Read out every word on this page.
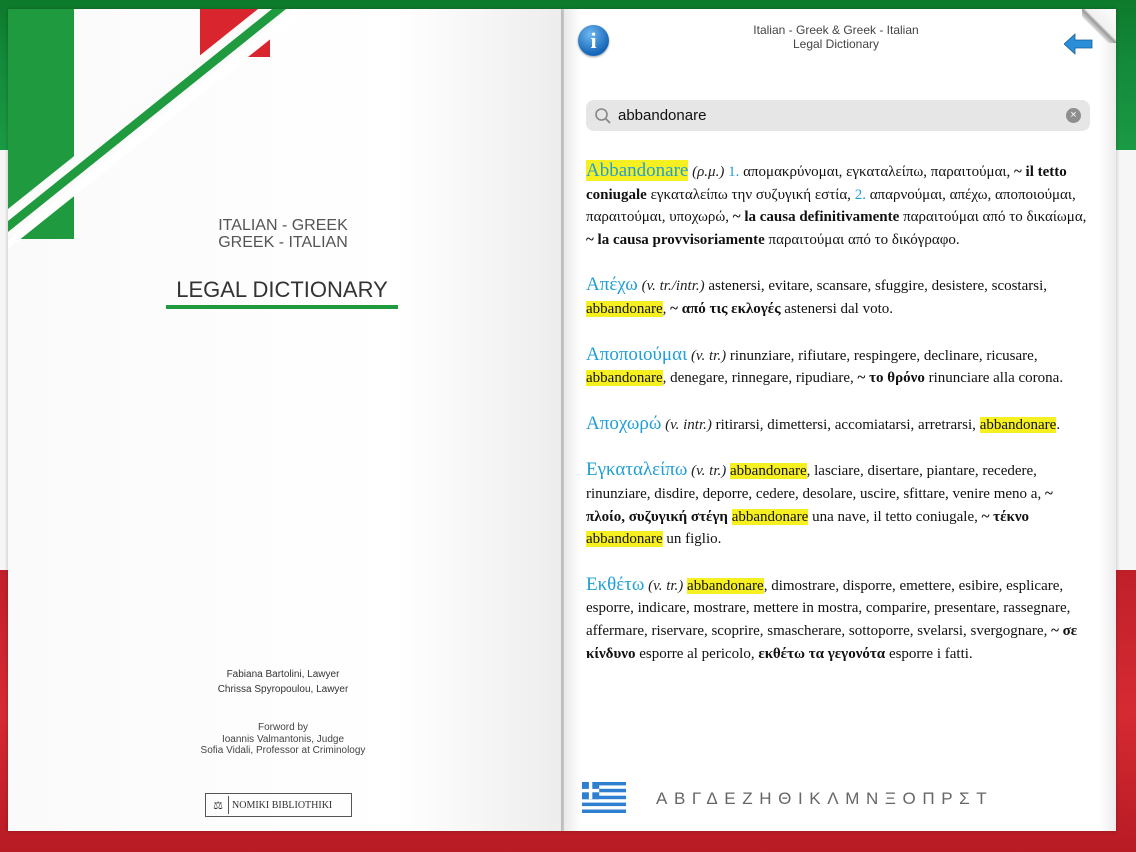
ITALIAN - GREEK
GREEK - ITALIAN
LEGAL DICTIONARY
Fabiana Bartolini, Lawyer
Chrissa Spyropoulou, Lawyer
Forword by
Ioannis Valmantonis, Judge
Sofia Vidali, Professor at Criminology
⚖ NOMIKI BIBLIOTHIKI
i	Italian - Greek & Greek - Italian
Legal Dictionary
abbandonare	×
Abbandonare (ρ.μ.) 1. απομακρύνομαι, εγκαταλείπω, παραιτούμαι, ~ il tetto coniugale εγκαταλείπω την συζυγική εστία, 2. απαρνούμαι, απέχω, αποποιούμαι, παραιτούμαι, υποχωρώ, ~ la causa definitivamente παραιτούμαι από το δικαίωμα, ~ la causa provvisoriamente παραιτούμαι από το δικόγραφο.
Απέχω (v. tr./intr.) astenersi, evitare, scansare, sfuggire, desistere, scostarsi, abbandonare, ~ από τις εκλογές astenersi dal voto.
Αποποιούμαι (v. tr.) rinunziare, rifiutare, respingere, declinare, ricusare, abbandonare, denegare, rinnegare, ripudiare, ~ το θρόνο rinunciare alla corona.
Αποχωρώ (v. intr.) ritirarsi, dimettersi, accomiatarsi, arretrarsi, abbandonare.
Εγκαταλείπω (v. tr.) abbandonare, lasciare, disertare, piantare, recedere, rinunziare, disdire, deporre, cedere, desolare, uscire, sfittare, venire meno a, ~ πλοίο, συζυγική στέγη abbandonare una nave, il tetto coniugale, ~ τέκνο abbandonare un figlio.
Εκθέτω (v. tr.) abbandonare, dimostrare, disporre, emettere, esibire, esplicare, esporre, indicare, mostrare, mettere in mostra, comparire, presentare, rassegnare, affermare, riservare, scoprire, smascherare, sottoporre, svelarsi, svergognare, ~ σε κίνδυνο esporre al pericolo, εκθέτω τα γεγονότα esporre i fatti.
ΑΒΓΔΕΖΗΘΙΚΛΜΝΞΟΠΡΣΤ
